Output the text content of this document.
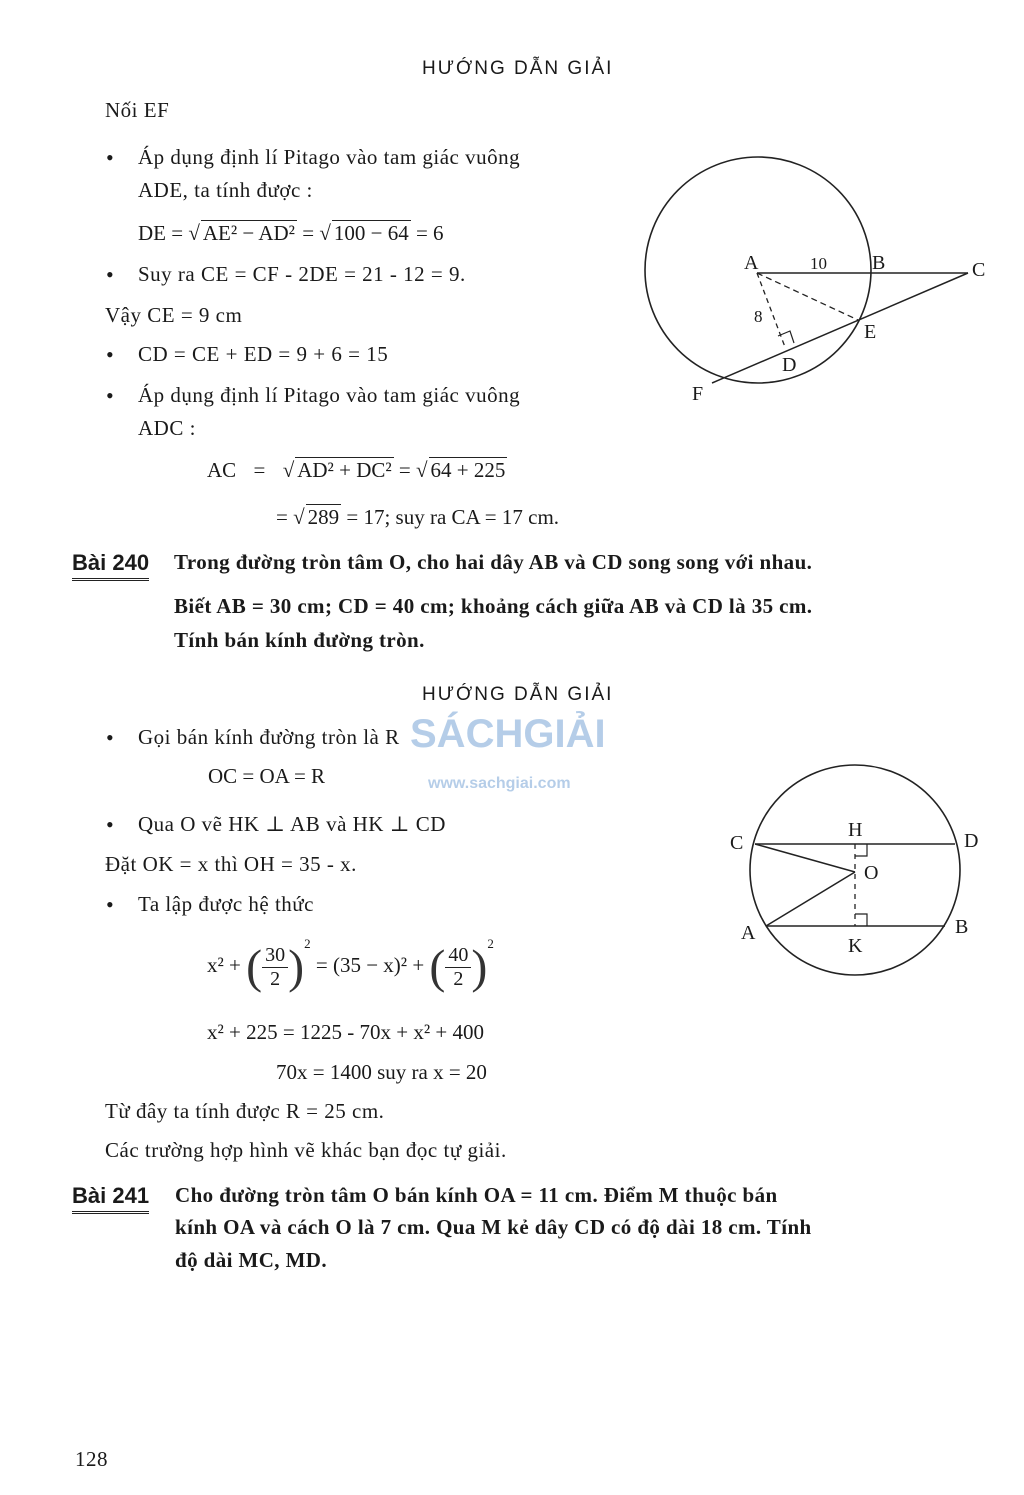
HƯỚNG DẪN GIẢI
Nối EF
• Áp dụng định lí Pitago vào tam giác vuông
ADE, ta tính được :
DE = √ AE² − AD² = √ 100 − 64 = 6
• Suy ra CE = CF - 2DE = 21 - 12 = 9.
Vậy CE = 9 cm
• CD = CE + ED = 9 + 6 = 15
• Áp dụng định lí Pitago vào tam giác vuông
ADC :
AC = √ AD² + DC² = √ 64 + 225
= √ 289 = 17; suy ra CA = 17 cm.
A	10 B	C
8
E
D
F
Bài 240 Trong đường tròn tâm O, cho hai dây AB và CD song song với nhau.
Biết AB = 30 cm; CD = 40 cm; khoảng cách giữa AB và CD là 35 cm.
Tính bán kính đường tròn.
HƯỚNG DẪN GIẢI
SÁCHGIẢI
www.sachgiai.com
• Gọi bán kính đường tròn là R
OC = OA = R
• Qua O vẽ HK ⊥ AB và HK ⊥ CD
Đặt OK = x thì OH = 35 - x.
• Ta lập được hệ thức
x² + ( $\frac{30}{2} )^2 = (35 - x)^2$ + ( $\frac{40}{2} )^2$
x² + 225 = 1225 - 70x + x² + 400
70x = 1400 suy ra x = 20
Từ đây ta tính được R = 25 cm.
Các trường hợp hình vẽ khác bạn đọc tự giải.
C	D
H
O
A	B
K
Bài 241 Cho đường tròn tâm O bán kính OA = 11 cm. Điểm M thuộc bán
kính OA và cách O là 7 cm. Qua M kẻ dây CD có độ dài 18 cm. Tính
độ dài MC, MD.
128
